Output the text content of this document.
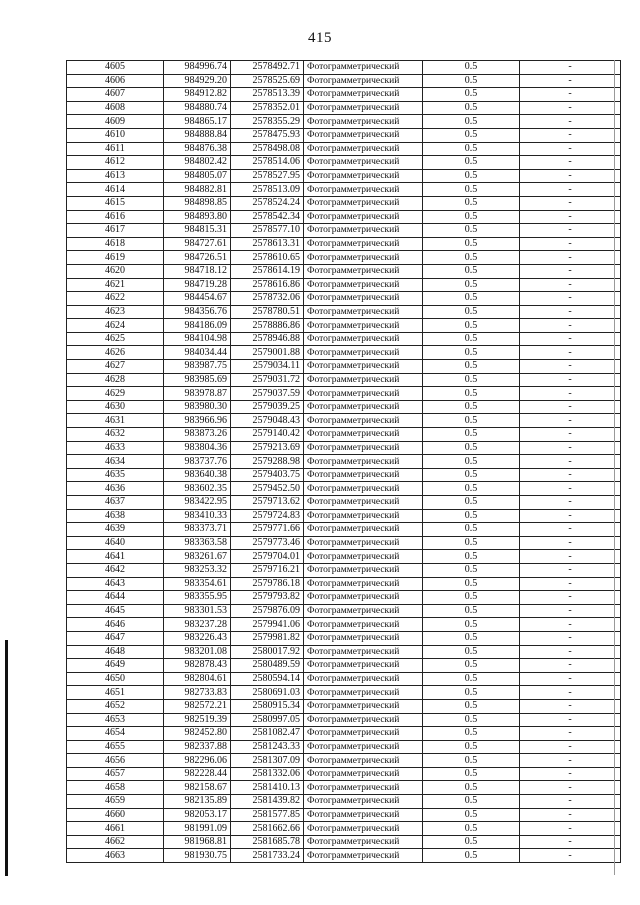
415
4605	984996.74	2578492.71	Фотограмметрический	0.5	-
4606	984929.20	2578525.69	Фотограмметрический	0.5	-
4607	984912.82	2578513.39	Фотограмметрический	0.5	-
4608	984880.74	2578352.01	Фотограмметрический	0.5	-
4609	984865.17	2578355.29	Фотограмметрический	0.5	-
4610	984888.84	2578475.93	Фотограмметрический	0.5	-
4611	984876.38	2578498.08	Фотограмметрический	0.5	-
4612	984802.42	2578514.06	Фотограмметрический	0.5	-
4613	984805.07	2578527.95	Фотограмметрический	0.5	-
4614	984882.81	2578513.09	Фотограмметрический	0.5	-
4615	984898.85	2578524.24	Фотограмметрический	0.5	-
4616	984893.80	2578542.34	Фотограмметрический	0.5	-
4617	984815.31	2578577.10	Фотограмметрический	0.5	-
4618	984727.61	2578613.31	Фотограмметрический	0.5	-
4619	984726.51	2578610.65	Фотограмметрический	0.5	-
4620	984718.12	2578614.19	Фотограмметрический	0.5	-
4621	984719.28	2578616.86	Фотограмметрический	0.5	-
4622	984454.67	2578732.06	Фотограмметрический	0.5	-
4623	984356.76	2578780.51	Фотограмметрический	0.5	-
4624	984186.09	2578886.86	Фотограмметрический	0.5	-
4625	984104.98	2578946.88	Фотограмметрический	0.5	-
4626	984034.44	2579001.88	Фотограмметрический	0.5	-
4627	983987.75	2579034.11	Фотограмметрический	0.5	-
4628	983985.69	2579031.72	Фотограмметрический	0.5	-
4629	983978.87	2579037.59	Фотограмметрический	0.5	-
4630	983980.30	2579039.25	Фотограмметрический	0.5	-
4631	983966.96	2579048.43	Фотограмметрический	0.5	-
4632	983873.26	2579140.42	Фотограмметрический	0.5	-
4633	983804.36	2579213.69	Фотограмметрический	0.5	-
4634	983737.76	2579288.98	Фотограмметрический	0.5	-
4635	983640.38	2579403.75	Фотограмметрический	0.5	-
4636	983602.35	2579452.50	Фотограмметрический	0.5	-
4637	983422.95	2579713.62	Фотограмметрический	0.5	-
4638	983410.33	2579724.83	Фотограмметрический	0.5	-
4639	983373.71	2579771.66	Фотограмметрический	0.5	-
4640	983363.58	2579773.46	Фотограмметрический	0.5	-
4641	983261.67	2579704.01	Фотограмметрический	0.5	-
4642	983253.32	2579716.21	Фотограмметрический	0.5	-
4643	983354.61	2579786.18	Фотограмметрический	0.5	-
4644	983355.95	2579793.82	Фотограмметрический	0.5	-
4645	983301.53	2579876.09	Фотограмметрический	0.5	-
4646	983237.28	2579941.06	Фотограмметрический	0.5	-
4647	983226.43	2579981.82	Фотограмметрический	0.5	-
4648	983201.08	2580017.92	Фотограмметрический	0.5	-
4649	982878.43	2580489.59	Фотограмметрический	0.5	-
4650	982804.61	2580594.14	Фотограмметрический	0.5	-
4651	982733.83	2580691.03	Фотограмметрический	0.5	-
4652	982572.21	2580915.34	Фотограмметрический	0.5	-
4653	982519.39	2580997.05	Фотограмметрический	0.5	-
4654	982452.80	2581082.47	Фотограмметрический	0.5	-
4655	982337.88	2581243.33	Фотограмметрический	0.5	-
4656	982296.06	2581307.09	Фотограмметрический	0.5	-
4657	982228.44	2581332.06	Фотограмметрический	0.5	-
4658	982158.67	2581410.13	Фотограмметрический	0.5	-
4659	982135.89	2581439.82	Фотограмметрический	0.5	-
4660	982053.17	2581577.85	Фотограмметрический	0.5	-
4661	981991.09	2581662.66	Фотограмметрический	0.5	-
4662	981968.81	2581685.78	Фотограмметрический	0.5	-
4663	981930.75	2581733.24	Фотограмметрический	0.5	-
